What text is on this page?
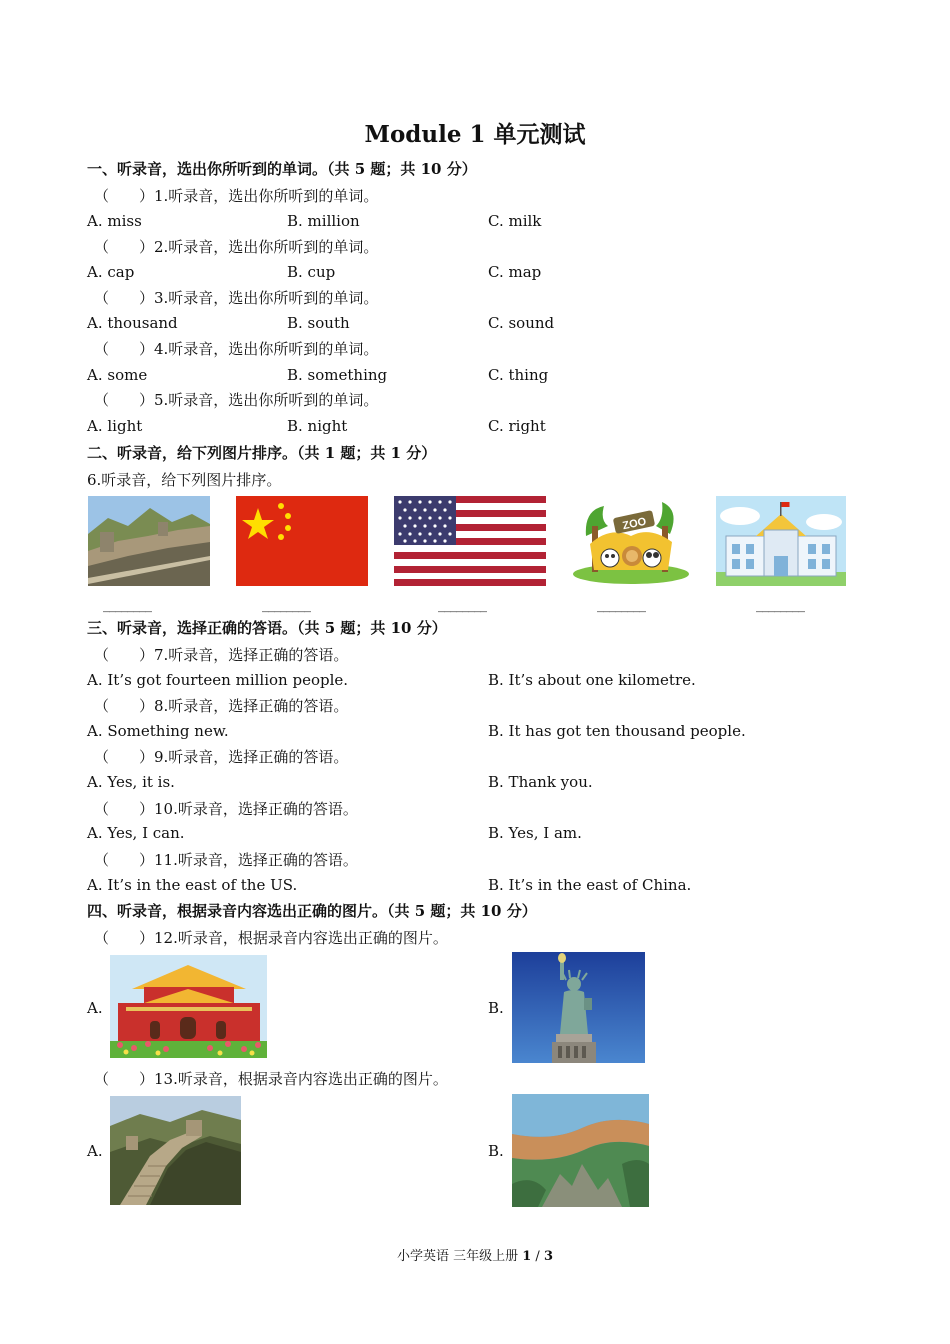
Module 1 单元测试
一、听录音，选出你所听到的单词。（共 5 题；共 10 分）
（　　）1.听录音，选出你所听到的单词。
A. miss	B. million	C. milk
（　　）2.听录音，选出你所听到的单词。
A. cap	B. cup	C. map
（　　）3.听录音，选出你所听到的单词。
A. thousand	B. south	C. sound
（　　）4.听录音，选出你所听到的单词。
A. some	B. something	C. thing
（　　）5.听录音，选出你所听到的单词。
A. light	B. night	C. right
二、听录音，给下列图片排序。（共 1 题；共 1 分）
6.听录音，给下列图片排序。
ZOO
________	________	________	________	________
三、听录音，选择正确的答语。（共 5 题；共 10 分）
（　　）7.听录音，选择正确的答语。
A. It’s got fourteen million people.	B. It’s about one kilometre.
（　　）8.听录音，选择正确的答语。
A. Something new.	B. It has got ten thousand people.
（　　）9.听录音，选择正确的答语。
A. Yes, it is.	B. Thank you.
（　　）10.听录音，选择正确的答语。
A. Yes, I can.	B. Yes, I am.
（　　）11.听录音，选择正确的答语。
A. It’s in the east of the US.	B. It’s in the east of China.
四、听录音，根据录音内容选出正确的图片。（共 5 题；共 10 分）
（　　）12.听录音，根据录音内容选出正确的图片。
A.	B.
（　　）13.听录音，根据录音内容选出正确的图片。
A.	B.
小学英语 三年级上册 1 / 3
